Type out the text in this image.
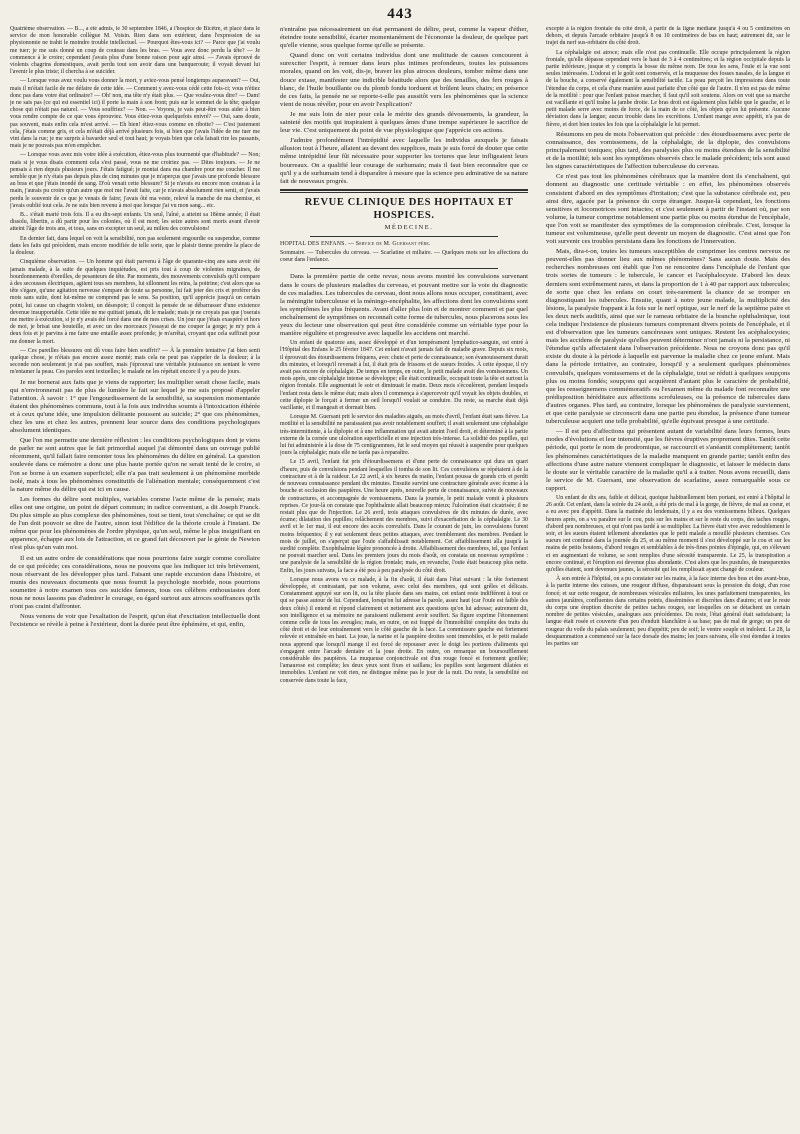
443

Quatrième observation. — B..., a été admis, le 30 septembre 1846, à l'hospice de Bicêtre, et placé dans le service de mon honorable collègue M. Voisin. Rien dans son extérieur, dans l'expression de sa physionomie ne trahit le moindre trouble intellectuel. — Pourquoi êtes-vous ici? — Parce que j'ai voulu me tuer; je me suis donné un coup de couteau dans les bras. — Vous avez donc perdu la tête? — Je commence à le croire; cependant j'avais plus d'une bonne raison pour agir ainsi. — J'avais éprouvé de violents chagrins domestiques, avait perdu tout son avoir dans une banqueroute; il voyait devant lui l'avenir le plus triste; il chercha à se suicider.

— Lorsque vous avez voulu vous donner la mort, y aviez-vous pensé longtemps auparavant? — Oui, mais il m'était facile de me défaire de cette idée. — Comment y avez-vous cédé cette fois-ci; vous n'étiez donc pas dans votre état ordinaire? — Oh! non, ma tête n'y était plus. — Que voulez-vous dire? — Dam! je ne sais pas (ce qui est essentiel ici) il porte la main à son front; puis sur le sommet de la tête; quelque chose qui n'était pas naturel. — Vous souffriez? — Non. — Voyons, je vais peut-être vous aider à bien vous rendre compte de ce que vous éprouviez. Vous étiez-vous quelquefois enivré? — Oui, sans doute, pas souvent, mais enfin cela m'est arrivé. — Eh bien! étiez-vous comme en ribotte? — C'est justement cela, j'étais comme gris, et cela m'était déjà arrivé plusieurs fois, si bien que j'avais l'idée de me tuer me vint dans la rue; je me surpris à bavarder seul et tout haut; je voyais bien que cela faisait rire les passants, mais je ne pouvais pas m'en empêcher.

— Lorsque vous avez mis votre idée à exécution, étiez-vous plus tourmenté que d'habitude? — Non; mais si je vous disais comment cela s'est passé, vous ne me croiriez pas. — Dites toujours. — Je ne pensais à rien depuis plusieurs jours. J'étais fatigué; je montai dans ma chambre pour me coucher. Il me semble que je n'y étais pas depuis plus de cinq minutes que je m'aperçus que j'avais une profonde blessure au bras et que j'étais inondé de sang. D'où venait cette blessure? Si je n'avais eu encore mon couteau à la main, j'aurais pu croire qu'un autre que moi me l'avait faite, car je n'avais absolument rien senti, et j'avais perdu le souvenir de ce que je venais de faire; j'avais ôté ma veste, relevé la manche de ma chemise, et j'avais oublié tout cela. Je ne suis bien revenu à moi que lorsque j'ai vu mon sang... etc.

B... s'était marié trois fois. Il a eu dix-sept enfants. Un seul, l'aîné, a atteint sa 18ème année; il était dissolu, libertin, a dû partir pour les colonies, où il est mort; les seize autres sont morts avant d'avoir atteint l'âge de trois ans, et tous, sans en excepter un seul, au milieu des convulsions!

En dernier fait, dans lequel on voit la sensibilité, non pas seulement engourdie ou suspendue, comme dans les faits qui précèdent, mais encore modifiée de telle sorte, que le plaisir tienne prendre la place de la douleur.

Cinquième observation. — Un homme qui était parvenu à l'âge de quarante-cinq ans sans avoir été jamais malade, à la suite de quelques inquiétudes, est pris tout à coup de violentes migraines, de bourdonnements d'oreilles, de pesanteurs de tête. Par moments, des mouvements convulsifs qu'il compare à des secousses électriques, agitent tous ses membres, lui sillonnent les reins, la poitrine; c'est alors que sa tête s'égare, qu'une agitation nerveuse s'empare de toute sa personne, lui fait jeter des cris et proférer des mots sans suite, dont lui-même ne comprend pas le sens. Sa position, qu'il apprécie jusqu'à un certain point, lui cause un chagrin violent, un désespoir; il conçoit la pensée de se débarrasser d'une existence devenue insupportable. Cette idée ne me quittait jamais, dit le malade; mais je ne croyais pas que j'oserais me mettre à exécution, si je n'y avais été forcé dans une de mes crises. Un jour que j'étais exaspéré et hors de moi, je brisai une bouteille, et avec un des morceaux j'essayai de me couper la gorge; je m'y pris à deux fois et je parvins à me faire une entaille assez profonde; je m'arrêtai, croyant que cela suffirait pour me donner la mort.

— Ces pareilles blessures ont dû vous faire bien souffrir? — À la première tentative j'ai bien senti quelque chose, je n'étais pas encore assez monté; mais cela ne peut pas s'appeler de la douleur; à la seconde non seulement je n'ai pas souffert, mais j'éprouvai une véritable jouissance en sentant le verre m'entamer la peau. Ces paroles sont textuelles; le malade ne les répétait encore il y a peu de jours.

Je me bornerai aux faits que je viens de rapporter; les multiplier serait chose facile, mais qui n'environnerait pas de plus de lumière le fait sur lequel je me suis proposé d'appeler l'attention. À savoir : 1° que l'engourdissement de la sensibilité, sa suspension momentanée étaient des phénomènes communs, tout à la fois aux individus soumis à l'intoxication éthérée et à ceux qu'une idée, une impulsion délirante poussent au suicide; 2° que ces phénomènes, chez les uns et chez les autres, prennent leur source dans des conditions psychologiques absolument identiques.

Que l'on me permette une dernière réflexion : les conditions psychologiques dont je viens de parler ne sont autres que le fait primordial auquel j'ai démontré dans un ouvrage publié récemment, qu'il fallait faire remonter tous les phénomènes du délire en général. La question soulevée dans ce mémoire a donc une plus haute portée qu'on ne serait tenté de le croire, si l'on se borne à un examen superficiel; elle n'a pas trait seulement à un phénomène morbide isolé, mais à tous les phénomènes constitutifs de l'aliénation mentale; conséquemment c'est la nature même du délire qui est ici en cause.

Les formes du délire sont multiples, variables comme l'acte même de la pensée; mais elles ont une origine, un point de départ commun; in radice conveniunt, a dit Joseph Franck. Du plus simple au plus complexe des phénomènes, tout se tient, tout s'enchaîne; ce qui se dit de l'un doit pouvoir se dire de l'autre, sinon tout l'édifice de la théorie croule à l'instant. De même que pour les phénomènes de l'ordre physique, qu'un seul, même le plus insignifiant en apparence, échappe aux lois de l'attraction, et ce grand fait découvert par le génie de Newton n'est plus qu'un vain mot.

Il est un autre ordre de considérations que nous pourrions faire surgir comme corollaire de ce qui précède; ces considérations, nous ne pouvons que les indiquer ici très brièvement, nous réservant de les développer plus tard. Faisant une rapide excursion dans l'histoire, et munis des nouveaux documents que nous fournit la psychologie morbide, nous pourrions soumettre à notre examen tous ces suicides fameux, tous ces célèbres enthousiastes dont nous ne nous lassons pas d'admirer le courage, eu égard surtout aux atroces souffrances qu'ils n'ont pas craint d'affronter.

Nous venons de voir que l'exaltation de l'esprit, qu'un état d'excitation intellectuelle dont l'existence se révèle à peine à l'extérieur, dont la durée peut être éphémère, et qui, enfin,

n'entraîne pas nécessairement un état permanent de délire, peut, comme la vapeur d'éther, éteindre toute sensibilité, écarter momentanément de l'économie la douleur, de quelque part qu'elle vienne, sous quelque forme qu'elle se présente.

Quand donc on voit certains individus dont une multitude de causes concourent à surexciter l'esprit, à remuer dans leurs plus intimes profondeurs, toutes les puissances morales, quand on les voit, dis-je, braver les plus atroces douleurs, tomber même dans une douce extase, manifester une indicible béatitude alors que des tenailles, des fers rouges à blanc, de l'huile bouillante ou du plomb fondu torduent et brûlent leurs chairs; en présence de ces faits, la pensée ne se reporte-t-elle pas aussitôt vers les phénomènes que la science vient de nous révéler, pour en avoir l'explication?

Je me suis loin de nier pour cela le mérite des grands dévouements, la grandeur, la sainteté des motifs qui inspiraient à quelques âmes d'une trempe supérieure le sacrifice de leur vie. C'est uniquement du point de vue physiologique que j'apprécie ces actions.

J'admire profondément l'intrépidité avec laquelle les individus auxquels je faisais allusion tout à l'heure, allaient au devant des supplices, mais je suis forcé de douter que cette même intrépidité leur fût nécessaire pour supporter les tortures que leur infligeaient leurs bourreaux. On a qualifié leur courage de surhumain; mais il faut bien reconnaître que ce qu'il y a de surhumain tend à disparaître à mesure que la science peu admirative de sa nature fait de nouveaux progrès.

REVUE CLINIQUE DES HOPITAUX ET HOSPICES.

MÉDECINE.

HOPITAL DES ENFANS. — Service de M. Guersant père.

Sommaire. — Tubercules du cerveau. — Scarlatine et miliaire. — Quelques mots sur les affections du coeur dans l'enfance.

Dans la première partie de cette revue, nous avons montré les convulsions survenant dans le cours de plusieurs maladies du cerveau, et pouvant mettre sur la voie du diagnostic de ces maladies. Les tubercules du cerveau, dont nous allons nous occuper, constituent, avec la méningite tuberculeuse et la méningo-encéphalite, les affections dont les convulsions sont les symptômes les plus fréquents. Avant d'aller plus loin et de montrer comment et par quel enchaînement de symptômes on reconnaît cette forme de tubercules, nous placerons sous les yeux du lecteur une observation qui peut être considérée comme un véritable type pour la manière régulière et progressive avec laquelle les accidens ont marché.

Un enfant de quatorze ans, assez développé et d'un tempérament lymphatico-sanguin, est entré à l'Hôpital des Enfans le 25 février 1847. Cet enfant n'avait jamais fait de maladie grave. Depuis six mois, il éprouvait des étourdissemens fréquens, avec chute et perte de connaissance; son évanouissement durait dix minutes, et lorsqu'il revenait à lui, il était pris de frissons et de sueurs froides. À cette époque, il n'y avait pas encore de céphalalgie. De temps en temps, en outre, le petit malade avait des vomissemens. Un mois après, une céphalalgie intense se développe; elle était continuelle, occupait toute la tête et surtout la région frontale. Elle augmentait le soir et diminuait le matin. Deux mois s'écoulèrent, pendant lesquels l'enfant resta dans le même état; mais alors il commença à s'apercevoir qu'il voyait les objets doubles, et cette diplopie le forçait à fermer un oeil lorsqu'il voulait se conduire. Du reste, sa marche était déjà vacillante, et il mangeait et dormait bien.

Lorsque M. Guersant prit le service des maladies aiguës, au mois d'avril, l'enfant était sans fièvre. La motilité et la sensibilité ne paraissaient pas avoir notablement souffert; il avait seulement une céphalalgie très-intermittente, à la diplopie et à une inflammation qui avait atteint l'oeil droit, et déterminé à la partie externe de la cornée une ulcération superficielle et une injection très-intense. La solidité des pupilles, qui lui fut administrée à la dose de 75 centigrammes, fut le seul moyen qui réussit à suspendre pour quelques jours la céphalalgie; mais elle ne tarda pas à reparaître.

Le 15 avril, l'enfant fut pris d'étourdissemens et d'une perte de connaissance qui dura un quart d'heure, puis de convulsions pendant lesquelles il tomba de son lit. Ces convulsions se répétaient à de la contracture et à de la raideur. Le 22 avril, à six heures du matin, l'enfant poussa de grands cris et perdit de nouveau connaissance pendant dix minutes. Ensuite survint une contracture générale avec écume à la bouche et occlusion des paupières. Une heure après, nouvelle perte de connaissance, suivie de nouveaux de contractures, et accompagnée de vomissemens. Dans la journée, le petit malade vomit à plusieurs reprises. Ce jour-là on constate que l'ophthalmie allait beaucoup mieux; l'ulcération était cicatrisée; il ne restait plus que de l'injection. Le 26 avril, trois attaques convulsives de dix minutes de durée, avec écume; dilatation des pupilles; relâchement des membres, suivi d'exacerbation de la céphalalgie. Le 30 avril et le 1er mai, il eut encore des accès convulsifs. Dans le courant de juin, les convulsions furent moins fréquentes; il y eut seulement deux petites attaques, avec tremblement des membres. Pendant le mois de juillet, on s'aperçut que l'ouïe s'affaiblissait notablement. Cet affaiblissement alla jusqu'à la surdité complète. Exophthalmie légère prononcée à droite. Affaiblissement des membres, tel, que l'enfant ne pouvait marcher seul. Dans les premiers jours du mois d'août, on constata un nouveau symptôme : une paralysie de la sensibilité de la région frontale; mais, en revanche, l'ouïe était beaucoup plus nette. Enfin, les jours suivans, la face a été peu à peu paralysée du côté droit.

Lorsque nous avons vu ce malade, à la fin d'août, il était dans l'état suivant : la tête fortement développée, et contrastant, par son volume, avec celui des membres, qui sont grêles et délicats. Constamment appuyé sur son lit, ou la tête placée dans ses mains, cet enfant reste indifférent à tout ce qui se passe autour de lui. Cependant, lorsqu'on lui adresse la parole, assez haut (car l'ouïe est faible des deux côtés) il entend et répond clairement et nettement aux questions qu'on lui adresse; autrement dit, son intelligence et sa mémoire ne paraissent nullement avoir souffert. Sa figure exprime l'étonnement comme celle de tous les aveugles; mais, en outre, on est frappé de l'immobilité complète des traits du côté droit et de leur entraînement vers le côté gauche de la face. La commissure gauche est fortement relevée et entraînée en haut. La joue, la narine et la paupière droites sont immobiles, et le petit malade nous apprend que lorsqu'il mange il est forcé de repousser avec le doigt les portions d'aliments qui s'engagent entre l'arcade dentaire et la joue droite. En outre, on remarque un boursoufflement considérable des paupières. La muqueuse conjonctivale est d'un rouge foncé et fortement gonflée; l'amaurose est complète; les deux yeux sont fixes et saillans; les pupilles sont largement dilatées et immobiles. L'enfant ne voit rien, ne distingue même pas le jour de la nuit. Du reste, la sensibilité est conservée dans toute la face,

excepté à la région frontale du côté droit, à partir de la ligne médiane jusqu'à 4 ou 5 centimètres en dehors, et depuis l'arcade orbitaire jusqu'à 8 ou 10 centimètres de bas en haut; autrement dit, sur le trajet du nerf sus-orbitaire du côté droit.

La céphalalgie est atroce; mais elle n'est pas continuelle. Elle occupe principalement la région frontale, qu'elle dépasse cependant vers le haut de 3 à 4 centimètres; et la région occipitale depuis la partie inférieure, jusque et y compris la bosse du même nom. De tous les sens, l'ouïe et la vue sont seules intéressées. L'odorat et le goût sont conservés, et la muqueuse des fosses nasales, de la langue et de la bouche, a conservé également la sensibilité tactile. La peau perçoit les impressions dans toute l'étendue du corps, et cela d'une manière aussi parfaite d'un côté que de l'autre. Il n'en est pas de même de la motilité : pour que l'enfant puisse marcher, il faut qu'il soit soutenu. Alors on voit que sa marche est vacillante et qu'il traîne la jambe droite. Le bras droit est également plus faible que le gauche, et le petit malade serre avec moins de force, de la main de ce côté, les objets qu'on lui présente. Aucune déviation dans la langue; aucun trouble dans les excrétions. L'enfant mange avec appétit, n'a pas de fièvre, et dort bien toutes les fois que la céphalalgie le lui permet.

Résumons en peu de mots l'observation qui précède : des étourdissemens avec perte de connaissance, des vomissemens, de la céphalalgie, de la diplopie, des convulsions principalement toniques; plus tard, des paralysies plus ou moins étendues de la sensibilité et de la motilité; tels sont les symptômes observés chez le malade précédent; tels sont aussi les signes caractéristiques de l'affection tuberculeuse du cerveau.

Ce n'est pas tout les phénomènes cérébraux que la manière dont ils s'enchaînent, qui donnent au diagnostic une certitude véritable : en effet, les phénomènes observés consistent d'abord en des symptômes d'irritation; c'est que la substance cérébrale est, peu ainsi dire, agacée par la présence du corps étranger. Jusque-là cependant, les fonctions sensitives et locomotrices sont intactes; et c'est seulement à partir de l'instant où, par son volume, la tumeur comprime notablement une partie plus ou moins étendue de l'encéphale, que l'on voit se manifester des symptômes de la compression cérébrale. C'est, lorsque la tumeur est volumineuse, qu'elle peut devenir un moyen de diagnostic. C'est ainsi que l'on voit survenir ces troubles persistans dans les fonctions de l'innervation.

Mais, dira-t-on, toutes les tumeurs susceptibles de comprimer les centres nerveux ne peuvent-elles pas donner lieu aux mêmes phénomènes? Sans aucun doute. Mais des recherches nombreuses ont établi que l'on ne rencontre dans l'encéphale de l'enfant que trois sortes de tumeurs : le tubercule, le cancer et l'acéphalocyste. D'abord les deux derniers sont extrêmement rares, et dans la proportion de 1 à 40 par rapport aux tubercules; de sorte que chez les enfans on court très-rarement la chance de se tromper en diagnostiquant les tubercules. Ensuite, quant à notre jeune malade, la multiplicité des lésions, la paralysie frappant à la fois sur le nerf optique, sur le nerf de la septième paire et les deux nerfs auditifs, ainsi que sur le rameau orbitaire de la branche ophthalmique, tout cela indique l'existence de plusieurs tumeurs comprenant divers points de l'encéphale, et il est d'observation que les tumeurs cancéreuses sont uniques. Restent les acéphalocystes; mais les accidens de paralysie qu'elles peuvent déterminer n'ont jamais ni la persistance, ni l'étendue qu'ils affectaient dans l'observation précédente. Nous ne croyons donc pas qu'il existe du doute à la période à laquelle est parvenue la maladie chez ce jeune enfant. Mais dans la période irritative, au contraire, lorsqu'il y a seulement quelques phénomènes convulsifs, quelques vomissemens et de la céphalalgie, tout se réduit à quelques soupçons plus ou moins fondés; soupçons qui acquièrent d'autant plus le caractère de probabilité, que les renseignemens commémoratifs ou l'examen même du malade font reconnaître une prédisposition héréditaire aux affections scrofuleuses, ou la présence de tubercules dans d'autres organes. Plus tard, au contraire, lorsque les phénomènes de paralysie surviennent, et que cette paralysie se circonscrit dans une partie peu étendue, la présence d'une tumeur tuberculeuse acquiert une telle probabilité, qu'elle équivaut presque à une certitude.

— Il est peu d'affections qui présentent autant de variabilité dans leurs formes, leurs modes d'évolutions et leur intensité, que les fièvres éruptives proprement dites. Tantôt cette période, qui porte le nom de prodromique, se raccourcit et s'anéantit complètement; tantôt les phénomènes caractéristiques de la maladie manquent en grande partie; tantôt enfin des affections d'une autre nature viennent compliquer le diagnostic, et laisser le médecin dans le doute sur le véritable caractère de la maladie qu'il a à traiter. Nous avons recueilli, dans le service de M. Guersant, une observation de scarlatine, assez remarquable sous ce rapport.

Un enfant de dix ans, faible et délicat, quoique habituellement bien portant, est entré à l'hôpital le 26 août. Cet enfant, dans la soirée du 24 août, a été pris de mal à la gorge, de fièvre, de mal au coeur, et a eu avec peu d'appétit. Dans la matinée du lendemain, il y a eu des vomissemens bilieux. Quelques heures après, on a vu paraître sur le cou, puis sur les mains et sur le reste du corps, des taches rouges, d'abord peu nombreuses, et qui n'ont pas tardé à se multiplier. La fièvre était vive avec redoublement le soir, et les sueurs étaient tellement abondantes que le petit malade a mouillé plusieurs chemises. Ces sueurs ont continué dans la journée du 25, et au même moment il s'est développé sur le cou et sur les mains de petits boutons, d'abord rouges et semblables à de très-fines pointes d'épingle, qui, en s'élevant et en augmentant de volume, se sont remplies d'une sérosité transparente. Le 25, la transpiration a encore continué, et l'éruption est devenue plus abondante. C'est alors que les pustules, de transparentes qu'elles étaient, sont devenues jaunes, la sérosité qui les remplissait ayant changé de couleur.

À son entrée à l'hôpital, on a pu constater sur les mains, à la face interne des bras et des avant-bras, à la partie interne des cuisses, une rougeur diffuse, disparaissant sous la pression du doigt, d'un rose foncé; et sur cette rougeur, de nombreuses vésicules miliaires, les unes parfaitement transparentes, les autres jaunâtres, confluentes dans certains points, disséminées et discrètes dans d'autres; et sur le reste du corps une éruption discrète de petites taches rouges, sur lesquelles on se détachent un certain nombre de petites vésicules, analogues aux précédentes. Du reste, l'état général était satisfaisant; la langue était rosée et couverte d'un peu d'enduit blanchâtre à sa base; pas de mal de gorge; un peu de rougeur du voile du palais seulement; peu d'appétit; peu de soif; le ventre souple et indolent. Le 28, la desquammation a commencé sur la face dorsale des mains; les jours suivans, elle s'est étendue à toutes les parties sur
